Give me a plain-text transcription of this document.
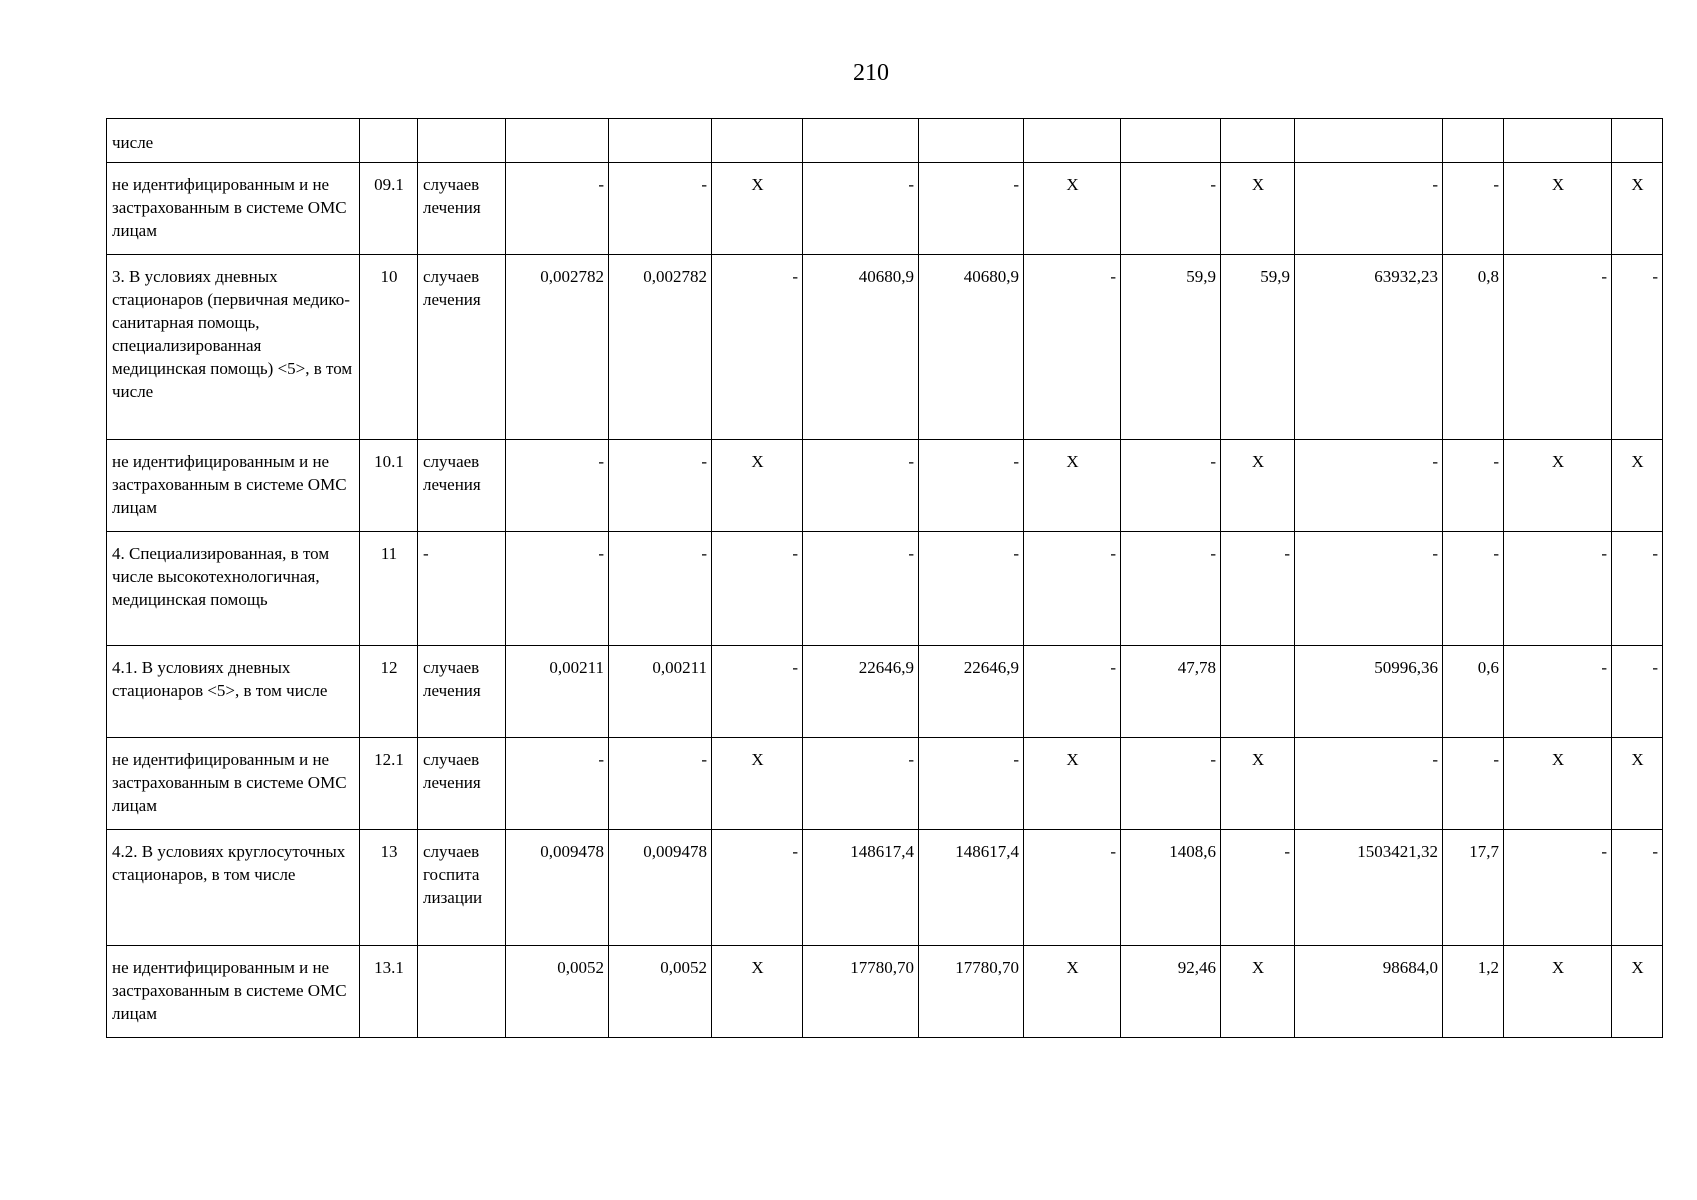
210
числе														
не идентифицированным и не застрахованным в системе ОМС лицам	09.1	случаев лечения	-	-	X	-	-	X	-	X	-	-	X	X
3. В условиях дневных стационаров (первичная медико-санитарная помощь, специализированная медицинская помощь) <5>, в том числе	10	случаев лечения	0,002782	0,002782	-	40680,9	40680,9	-	59,9	59,9	63932,23	0,8	-	-
не идентифицированным и не застрахованным в системе ОМС лицам	10.1	случаев лечения	-	-	X	-	-	X	-	X	-	-	X	X
4. Специализированная, в том числе высокотехнологичная, медицинская помощь	11	-	-	-	-	-	-	-	-	-	-	-	-	-
4.1. В условиях дневных стационаров <5>, в том числе	12	случаев лечения	0,00211	0,00211	-	22646,9	22646,9	-	47,78		50996,36	0,6	-	-
не идентифицированным и не застрахованным в системе ОМС лицам	12.1	случаев лечения	-	-	X	-	-	X	-	X	-	-	X	X
4.2. В условиях круглосуточных стационаров, в том числе	13	случаев госпита лизации	0,009478	0,009478	-	148617,4	148617,4	-	1408,6	-	1503421,32	17,7	-	-
не идентифицированным и не застрахованным в системе ОМС лицам	13.1		0,0052	0,0052	X	17780,70	17780,70	X	92,46	X	98684,0	1,2	X	X
